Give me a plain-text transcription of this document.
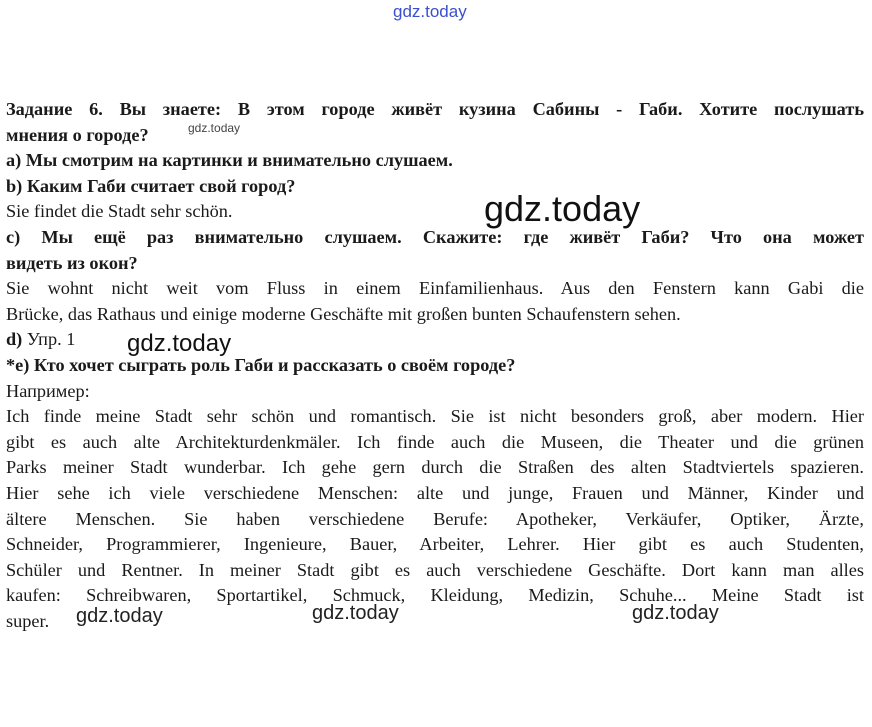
gdz.today

Задание 6. Вы знаете: В этом городе живёт кузина Сабины - Габи. Хотите послушать

мнения о городе?

а) Мы смотрим на картинки и внимательно слушаем.

b) Каким Габи считает свой город?

Sie findet die Stadt sehr schön.

c) Мы ещё раз внимательно слушаем. Скажите: где живёт Габи? Что она может

видеть из окон?

Sie wohnt nicht weit vom Fluss in einem Einfamilienhaus. Aus den Fenstern kann Gabi die

Brücke, das Rathaus und einige moderne Geschäfte mit großen bunten Schaufenstern sehen.

d) Упр. 1

*e) Кто хочет сыграть роль Габи и рассказать о своём городе?

Например:

Ich finde meine Stadt sehr schön und romantisch. Sie ist nicht besonders groß, aber modern. Hier

gibt es auch alte Architekturdenkmäler. Ich finde auch die Museen, die Theater und die grünen

Parks meiner Stadt wunderbar. Ich gehe gern durch die Straßen des alten Stadtviertels spazieren.

Hier sehe ich viele verschiedene Menschen: alte und junge, Frauen und Männer, Kinder und

ältere Menschen. Sie haben verschiedene Berufe: Apotheker, Verkäufer, Optiker, Ärzte,

Schneider, Programmierer, Ingenieure, Bauer, Arbeiter, Lehrer. Hier gibt es auch Studenten,

Schüler und Rentner. In meiner Stadt gibt es auch verschiedene Geschäfte. Dort kann man alles

kaufen: Schreibwaren, Sportartikel, Schmuck, Kleidung, Medizin, Schuhe... Meine Stadt ist

super.

gdz.today
gdz.today
gdz.today
gdz.today	gdz.today	gdz.today
